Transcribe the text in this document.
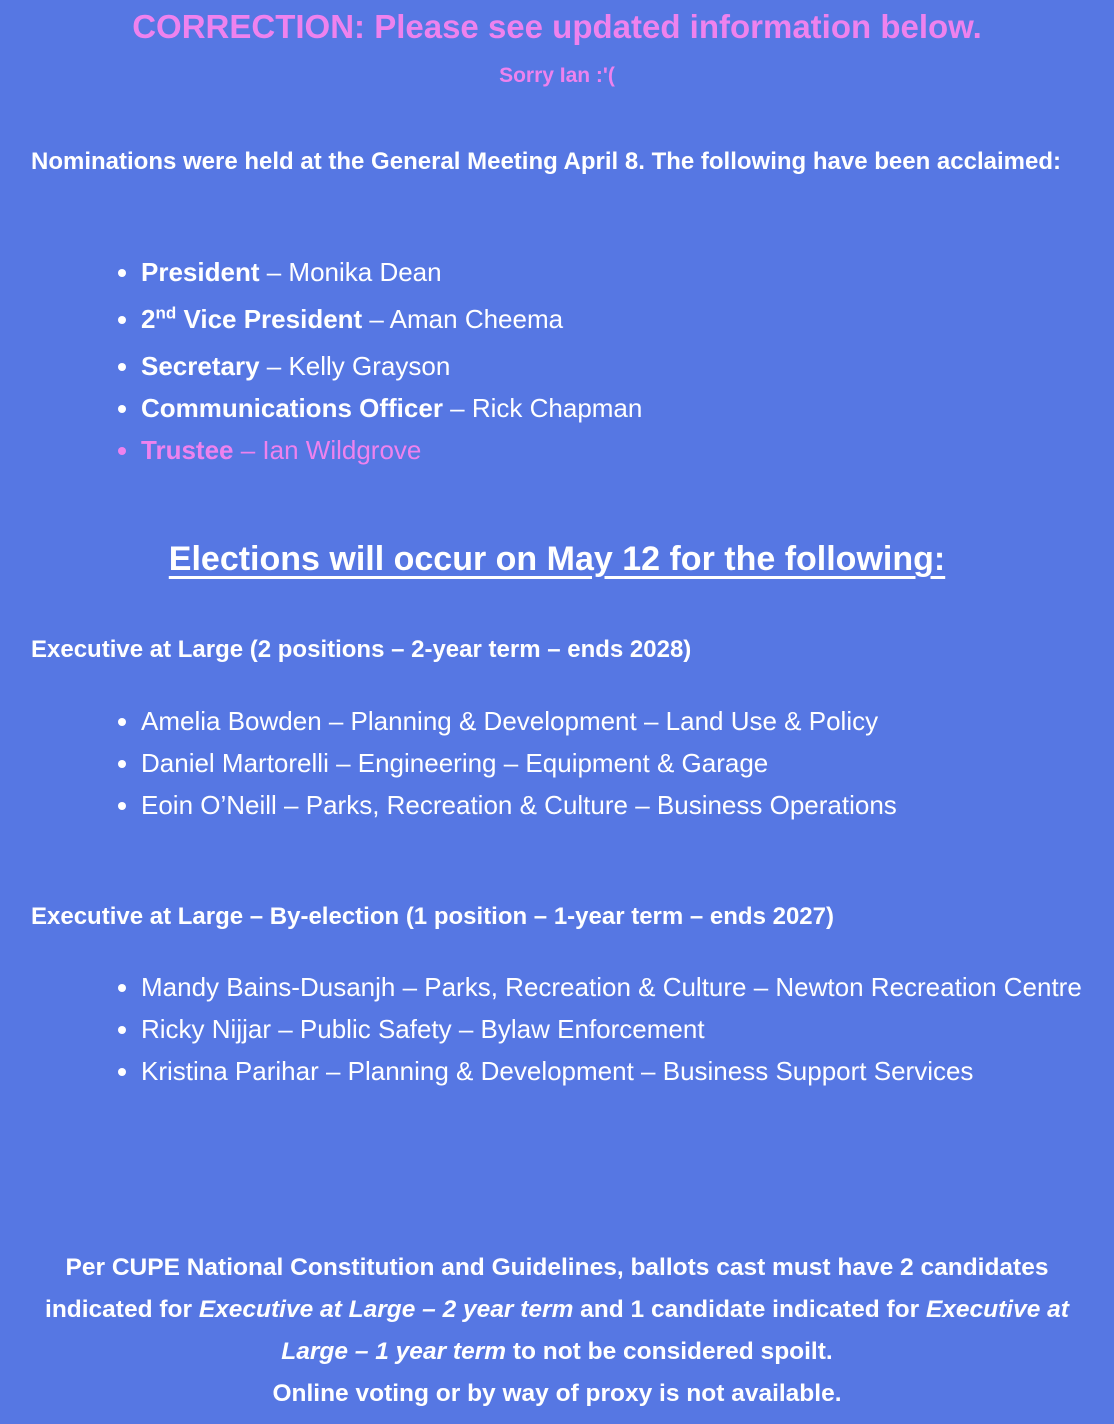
CORRECTION: Please see updated information below.
Sorry Ian :'(
Nominations were held at the General Meeting April 8. The following have been acclaimed:
• President – Monika Dean
• 2nd Vice President – Aman Cheema
• Secretary – Kelly Grayson
• Communications Officer – Rick Chapman
• Trustee – Ian Wildgrove
Elections will occur on May 12 for the following:
Executive at Large (2 positions – 2-year term – ends 2028)
• Amelia Bowden – Planning & Development – Land Use & Policy
• Daniel Martorelli – Engineering – Equipment & Garage
• Eoin O’Neill – Parks, Recreation & Culture – Business Operations
Executive at Large – By-election (1 position – 1-year term – ends 2027)
• Mandy Bains-Dusanjh – Parks, Recreation & Culture – Newton Recreation Centre
• Ricky Nijjar – Public Safety – Bylaw Enforcement
• Kristina Parihar – Planning & Development – Business Support Services
Per CUPE National Constitution and Guidelines, ballots cast must have 2 candidates indicated for Executive at Large – 2 year term and 1 candidate indicated for Executive at Large – 1 year term to not be considered spoilt.
Online voting or by way of proxy is not available.
